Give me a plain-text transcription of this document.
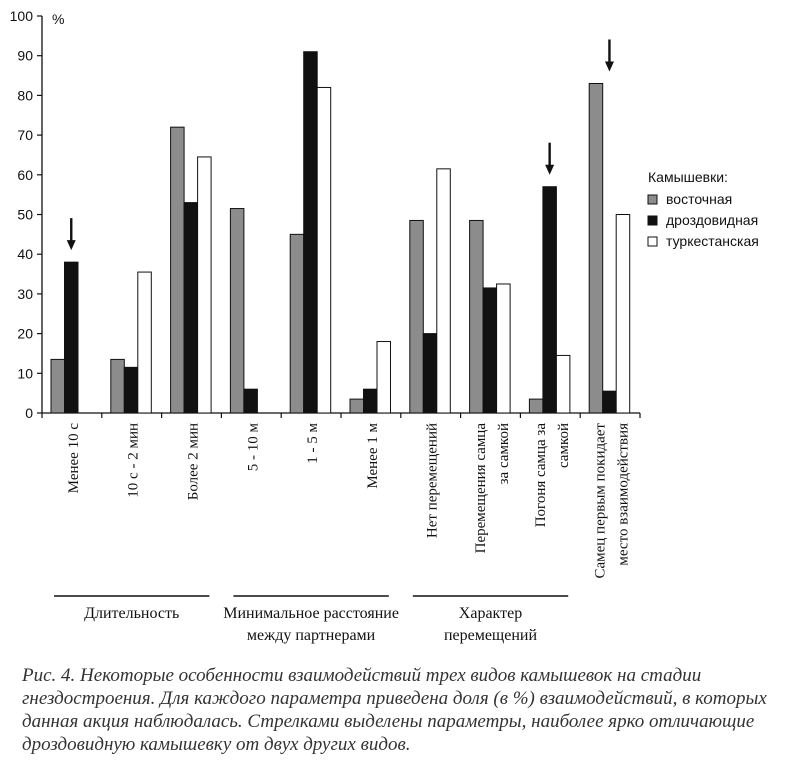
0
10
20
30
40
50
60
70
80
90
100 %
Менее 10 с	10 с - 2 мин	Более 2 мин	5 - 10 м	1 - 5 м	Менее 1 м	Нет перемещений Перемещения самца за самкой Погоня самца за самкой Самец первым покидает место взаимодействия
Длительность	Минимальное расстояние
между партнерами
Характер
перемещений
Камышевки:
восточная
дроздовидная
туркестанская
Рис. 4. Некоторые особенности взаимодействий трех видов камышевок на стадии гнездостроения. Для каждого параметра приведена доля (в %) взаимодействий, в которых данная акция наблюдалась. Стрелками выделены параметры, наиболее ярко отличающие дроздовидную камышевку от двух других видов.
